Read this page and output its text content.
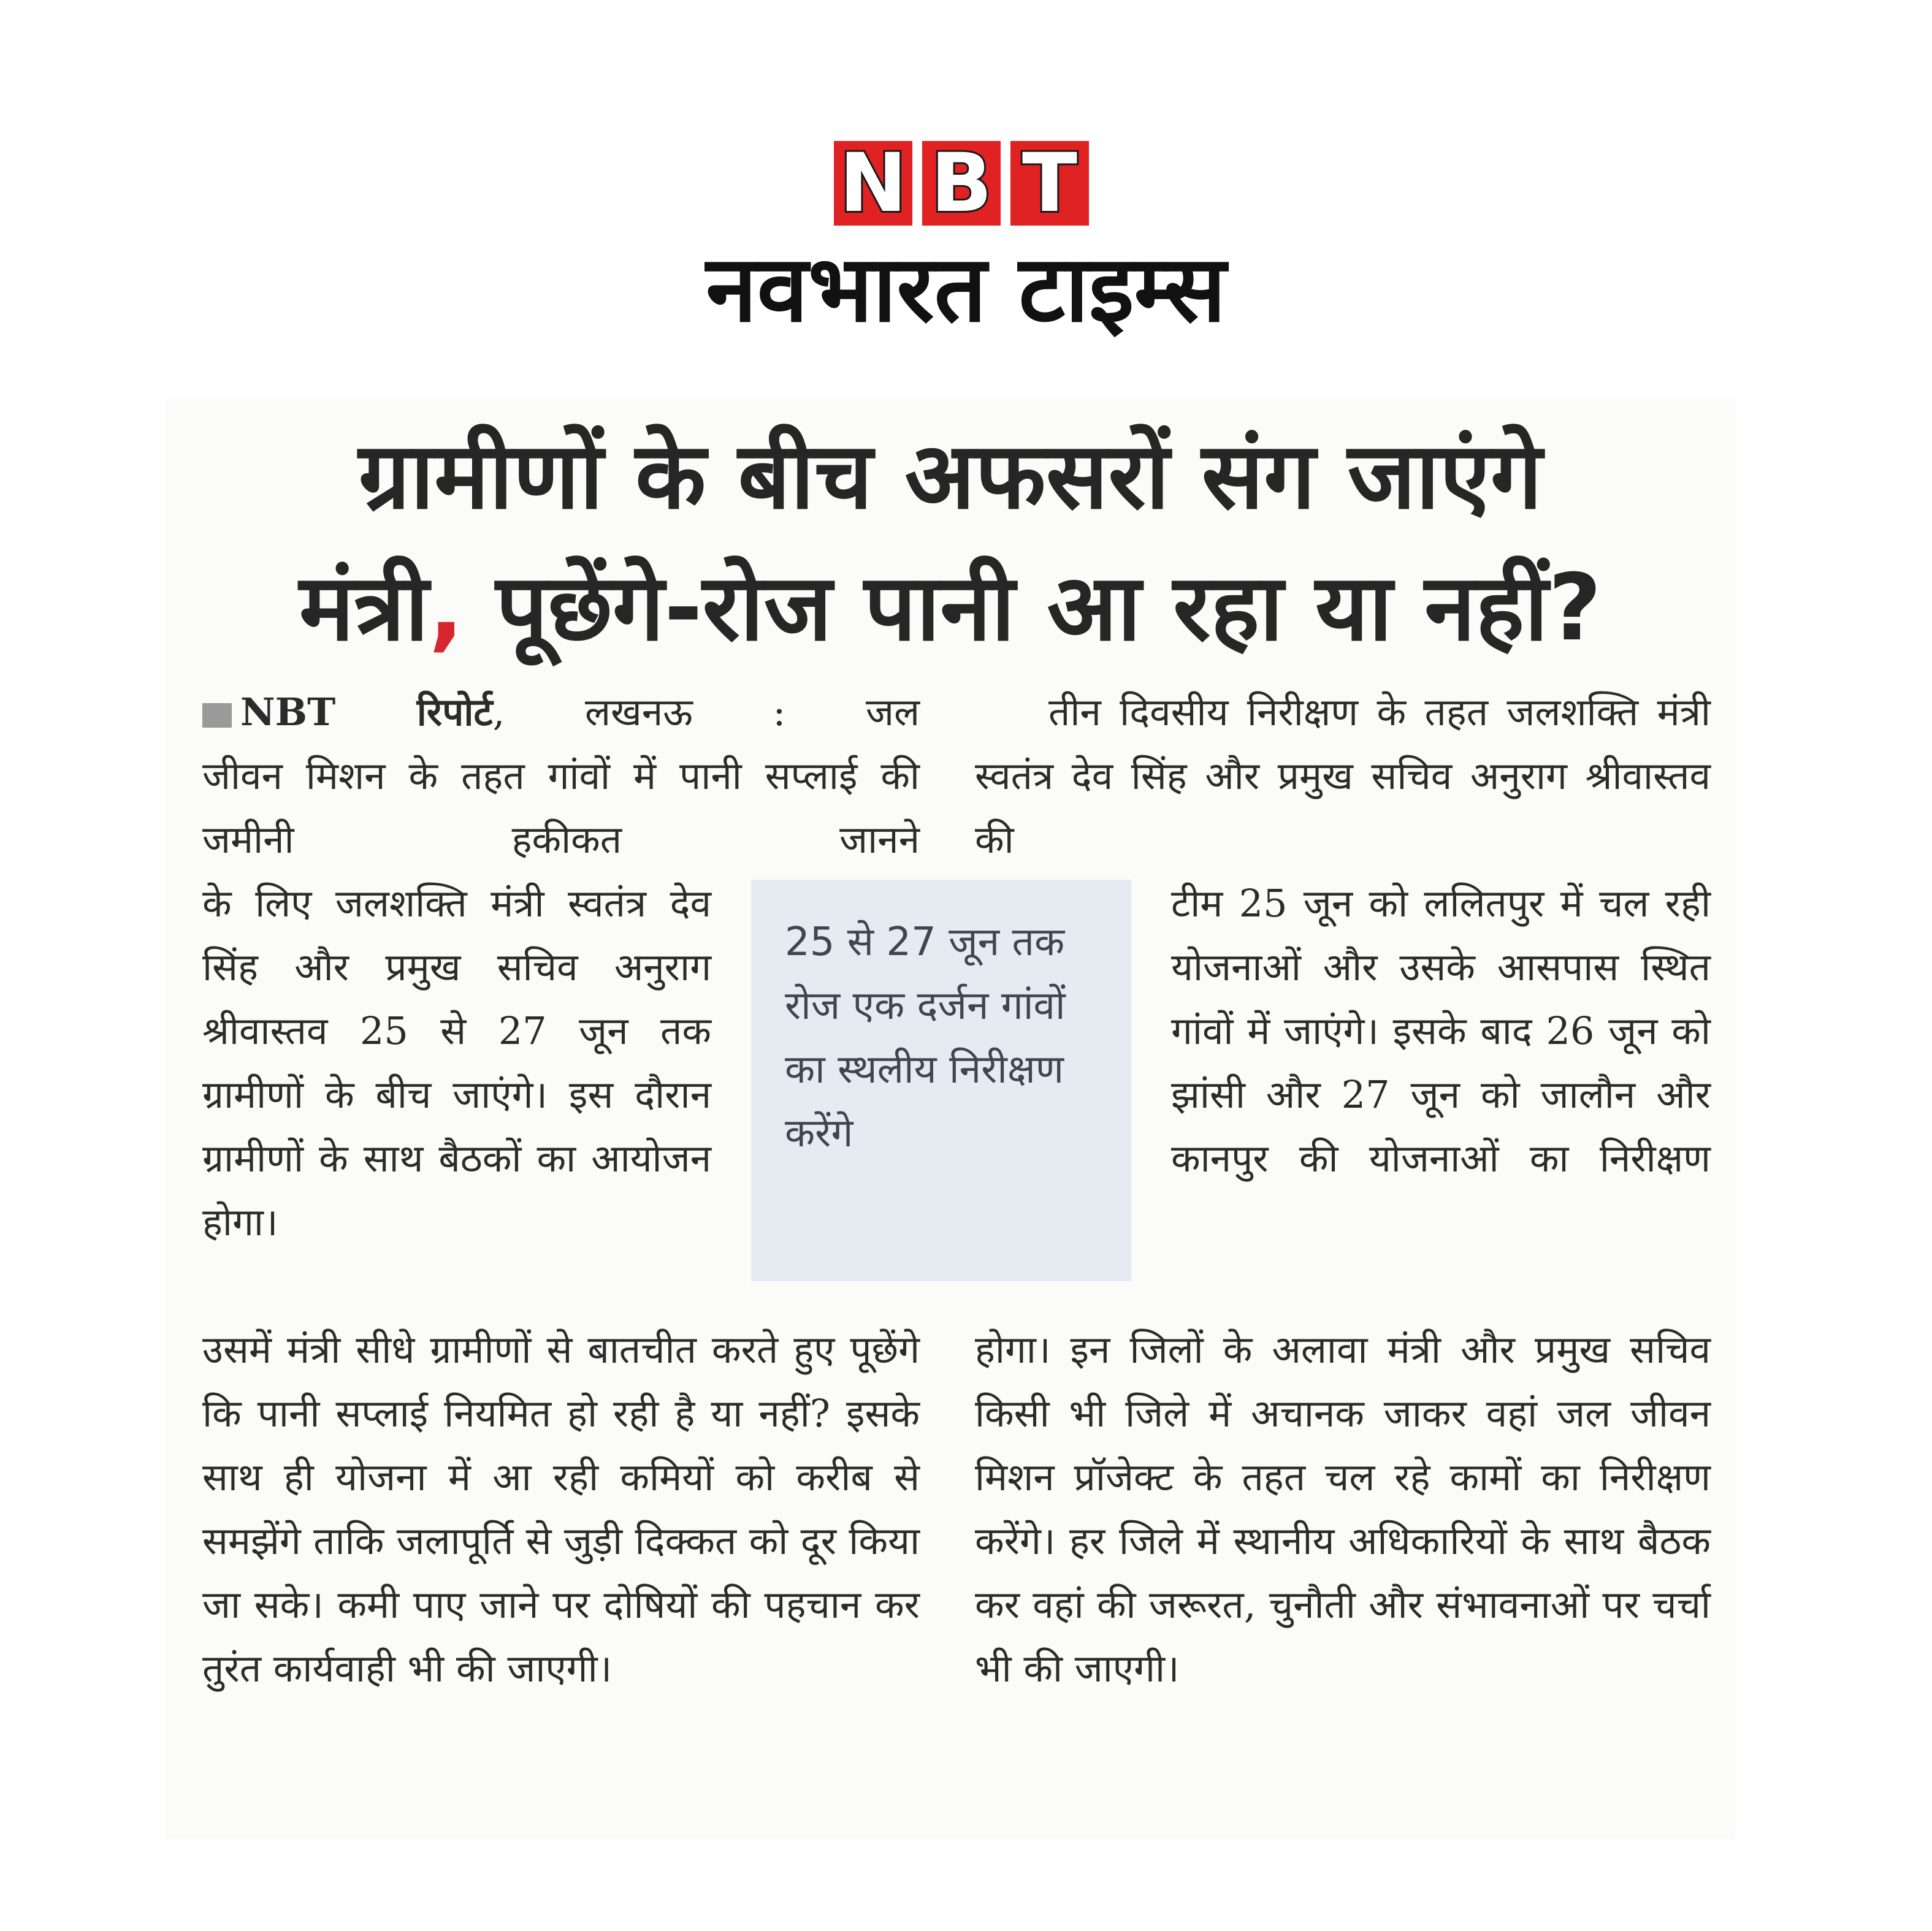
N B T
नवभारत टाइम्स
ग्रामीणों के बीच अफसरों संग जाएंगे
मंत्री, पूछेंगे-रोज पानी आ रहा या नहीं?
NBT रिपोर्ट, लखनऊ : जल
जीवन मिशन के तहत गांवों में पानी सप्लाई की जमीनी हकीकत जानने
के लिए जलशक्ति मंत्री स्वतंत्र देव सिंह और प्रमुख सचिव अनुराग श्रीवास्तव 25 से 27 जून तक ग्रामीणों के बीच जाएंगे। इस दौरान ग्रामीणों के साथ बैठकों का आयोजन होगा।
उसमें मंत्री सीधे ग्रामीणों से बातचीत करते हुए पूछेंगे कि पानी सप्लाई नियमित हो रही है या नहीं? इसके साथ ही योजना में आ रही कमियों को करीब से समझेंगे ताकि जलापूर्ति से जुड़ी दिक्कत को दूर किया जा सके। कमी पाए जाने पर दोषियों की पहचान कर तुरंत कार्यवाही भी की जाएगी।
तीन दिवसीय निरीक्षण के तहत जलशक्ति मंत्री स्वतंत्र देव सिंह और प्रमुख सचिव अनुराग श्रीवास्तव की
टीम 25 जून को ललितपुर में चल रही योजनाओं और उसके आसपास स्थित गांवों में जाएंगे। इसके बाद 26 जून को झांसी और 27 जून को जालौन और कानपुर की योजनाओं का निरीक्षण
होगा। इन जिलों के अलावा मंत्री और प्रमुख सचिव किसी भी जिले में अचानक जाकर वहां जल जीवन मिशन प्रॉजेक्ट के तहत चल रहे कामों का निरीक्षण करेंगे। हर जिले में स्थानीय अधिकारियों के साथ बैठक कर वहां की जरूरत, चुनौती और संभावनाओं पर चर्चा भी की जाएगी।
25 से 27 जून तक रोज एक दर्जन गांवों का स्थलीय निरीक्षण करेंगे
